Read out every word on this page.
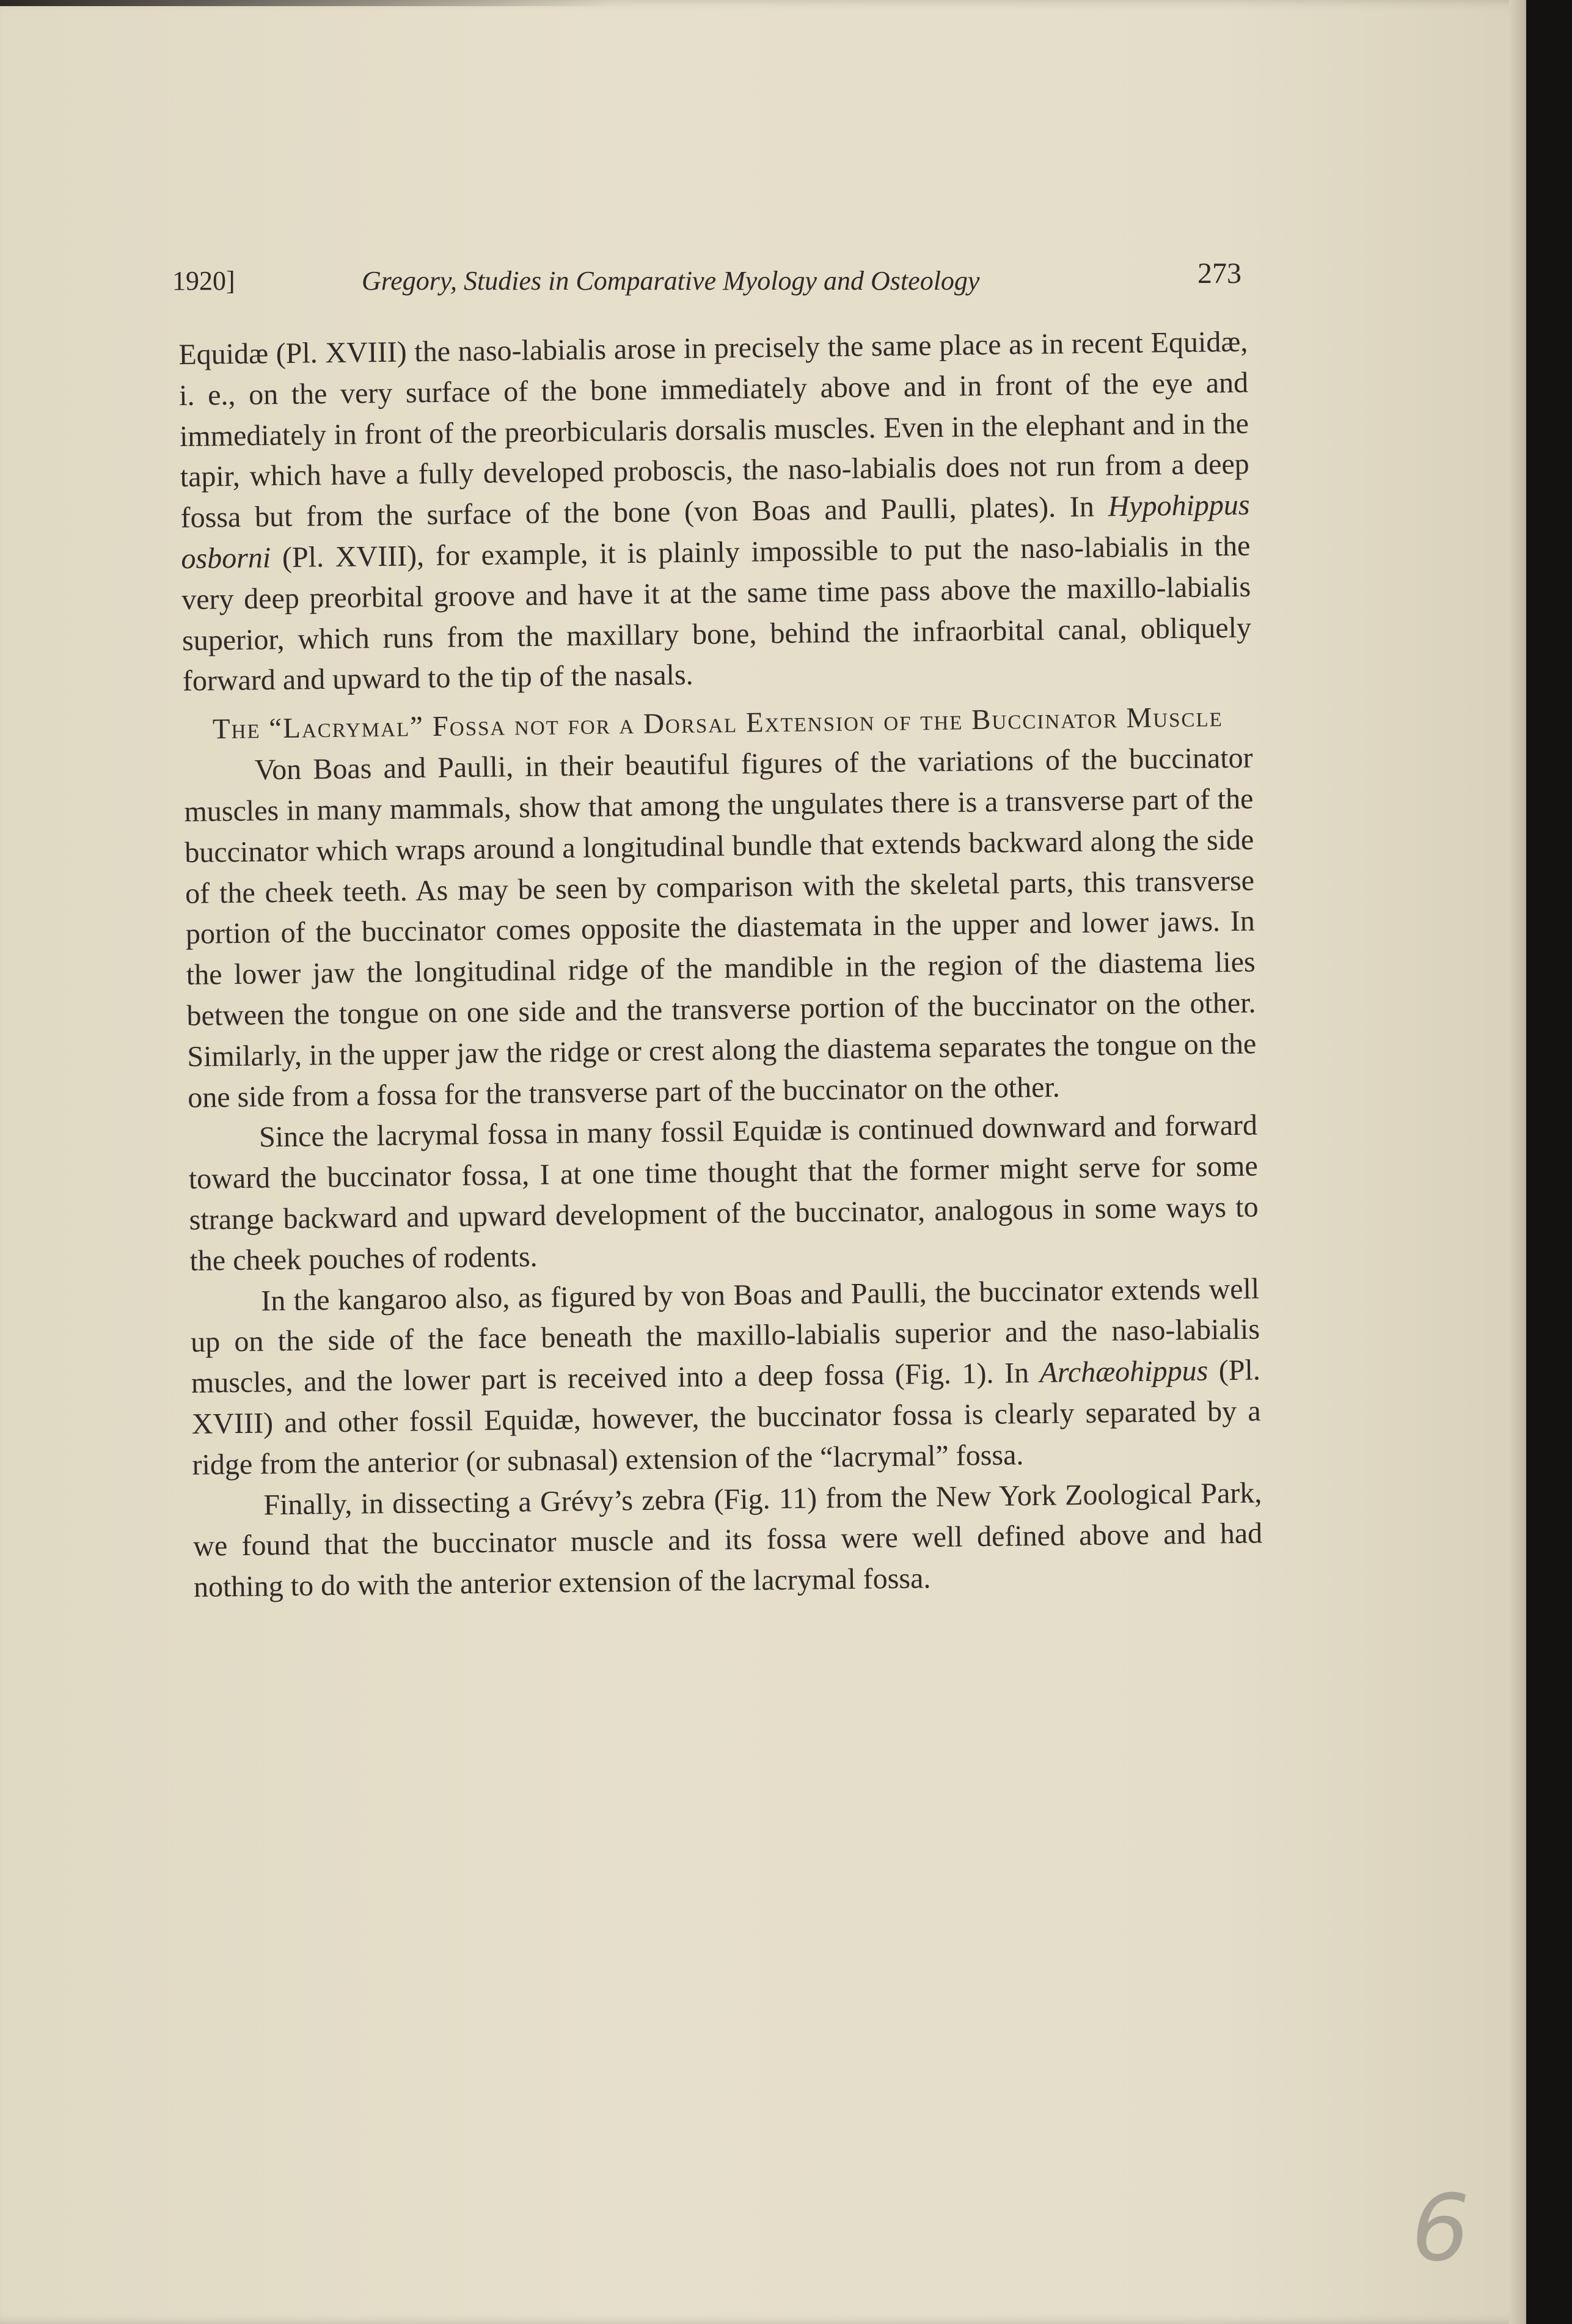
1920]	Gregory, Studies in Comparative Myology and Osteology	273

Equidæ (Pl. XVIII) the naso-labialis arose in precisely the same place as in recent Equidæ, i. e., on the very surface of the bone immediately above and in front of the eye and immediately in front of the preorbicularis dorsalis muscles. Even in the elephant and in the tapir, which have a fully developed proboscis, the naso-labialis does not run from a deep fossa but from the surface of the bone (von Boas and Paulli, plates). In Hypohippus osborni (Pl. XVIII), for example, it is plainly impossible to put the naso-labialis in the very deep preorbital groove and have it at the same time pass above the maxillo-labialis superior, which runs from the maxillary bone, behind the infraorbital canal, obliquely forward and upward to the tip of the nasals.

The “Lacrymal” Fossa not for a Dorsal Extension of the Buccinator Muscle

Von Boas and Paulli, in their beautiful figures of the variations of the buccinator muscles in many mammals, show that among the ungulates there is a transverse part of the buccinator which wraps around a longitudinal bundle that extends backward along the side of the cheek teeth. As may be seen by comparison with the skeletal parts, this transverse portion of the buccinator comes opposite the diastemata in the upper and lower jaws. In the lower jaw the longitudinal ridge of the mandible in the region of the diastema lies between the tongue on one side and the transverse portion of the buccinator on the other. Similarly, in the upper jaw the ridge or crest along the diastema separates the tongue on the one side from a fossa for the transverse part of the buccinator on the other.

Since the lacrymal fossa in many fossil Equidæ is continued downward and forward toward the buccinator fossa, I at one time thought that the former might serve for some strange backward and upward development of the buccinator, analogous in some ways to the cheek pouches of rodents.

In the kangaroo also, as figured by von Boas and Paulli, the buccinator extends well up on the side of the face beneath the maxillo-labialis superior and the naso-labialis muscles, and the lower part is received into a deep fossa (Fig. 1). In Archæohippus (Pl. XVIII) and other fossil Equidæ, however, the buccinator fossa is clearly separated by a ridge from the anterior (or subnasal) extension of the “lacrymal” fossa.

Finally, in dissecting a Grévy’s zebra (Fig. 11) from the New York Zoological Park, we found that the buccinator muscle and its fossa were well defined above and had nothing to do with the anterior extension of the lacrymal fossa.

6
